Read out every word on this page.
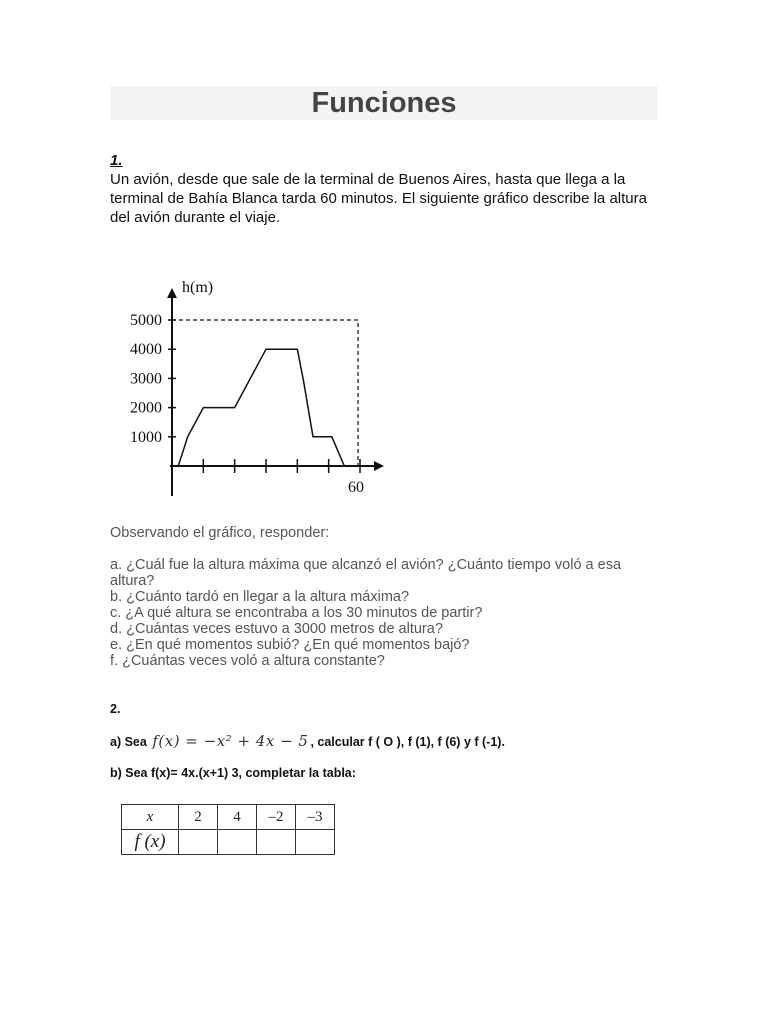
Funciones
1.

Un avión, desde que sale de la terminal de Buenos Aires, hasta que llega a la
terminal de Bahía Blanca tarda 60 minutos. El siguiente gráfico describe la altura
del avión durante el viaje.

h(m)
1000
2000
3000
4000
5000
60
Observando el gráfico, responder:
a. ¿Cuál fue la altura máxima que alcanzó el avión? ¿Cuánto tiempo voló a esa
altura?
b. ¿Cuánto tardó en llegar a la altura máxima?
c. ¿A qué altura se encontraba a los 30 minutos de partir?
d. ¿Cuántas veces estuvo a 3000 metros de altura?
e. ¿En qué momentos subió? ¿En qué momentos bajó?
f. ¿Cuántas veces voló a altura constante?
2.
a) Sea f(x) = −x² + 4x − 5 , calcular f ( O ), f (1), f (6) y f (-1).
b) Sea f(x)= 4x.(x+1) 3, completar la tabla:
x	2	4	–2	–3
f (x)				
